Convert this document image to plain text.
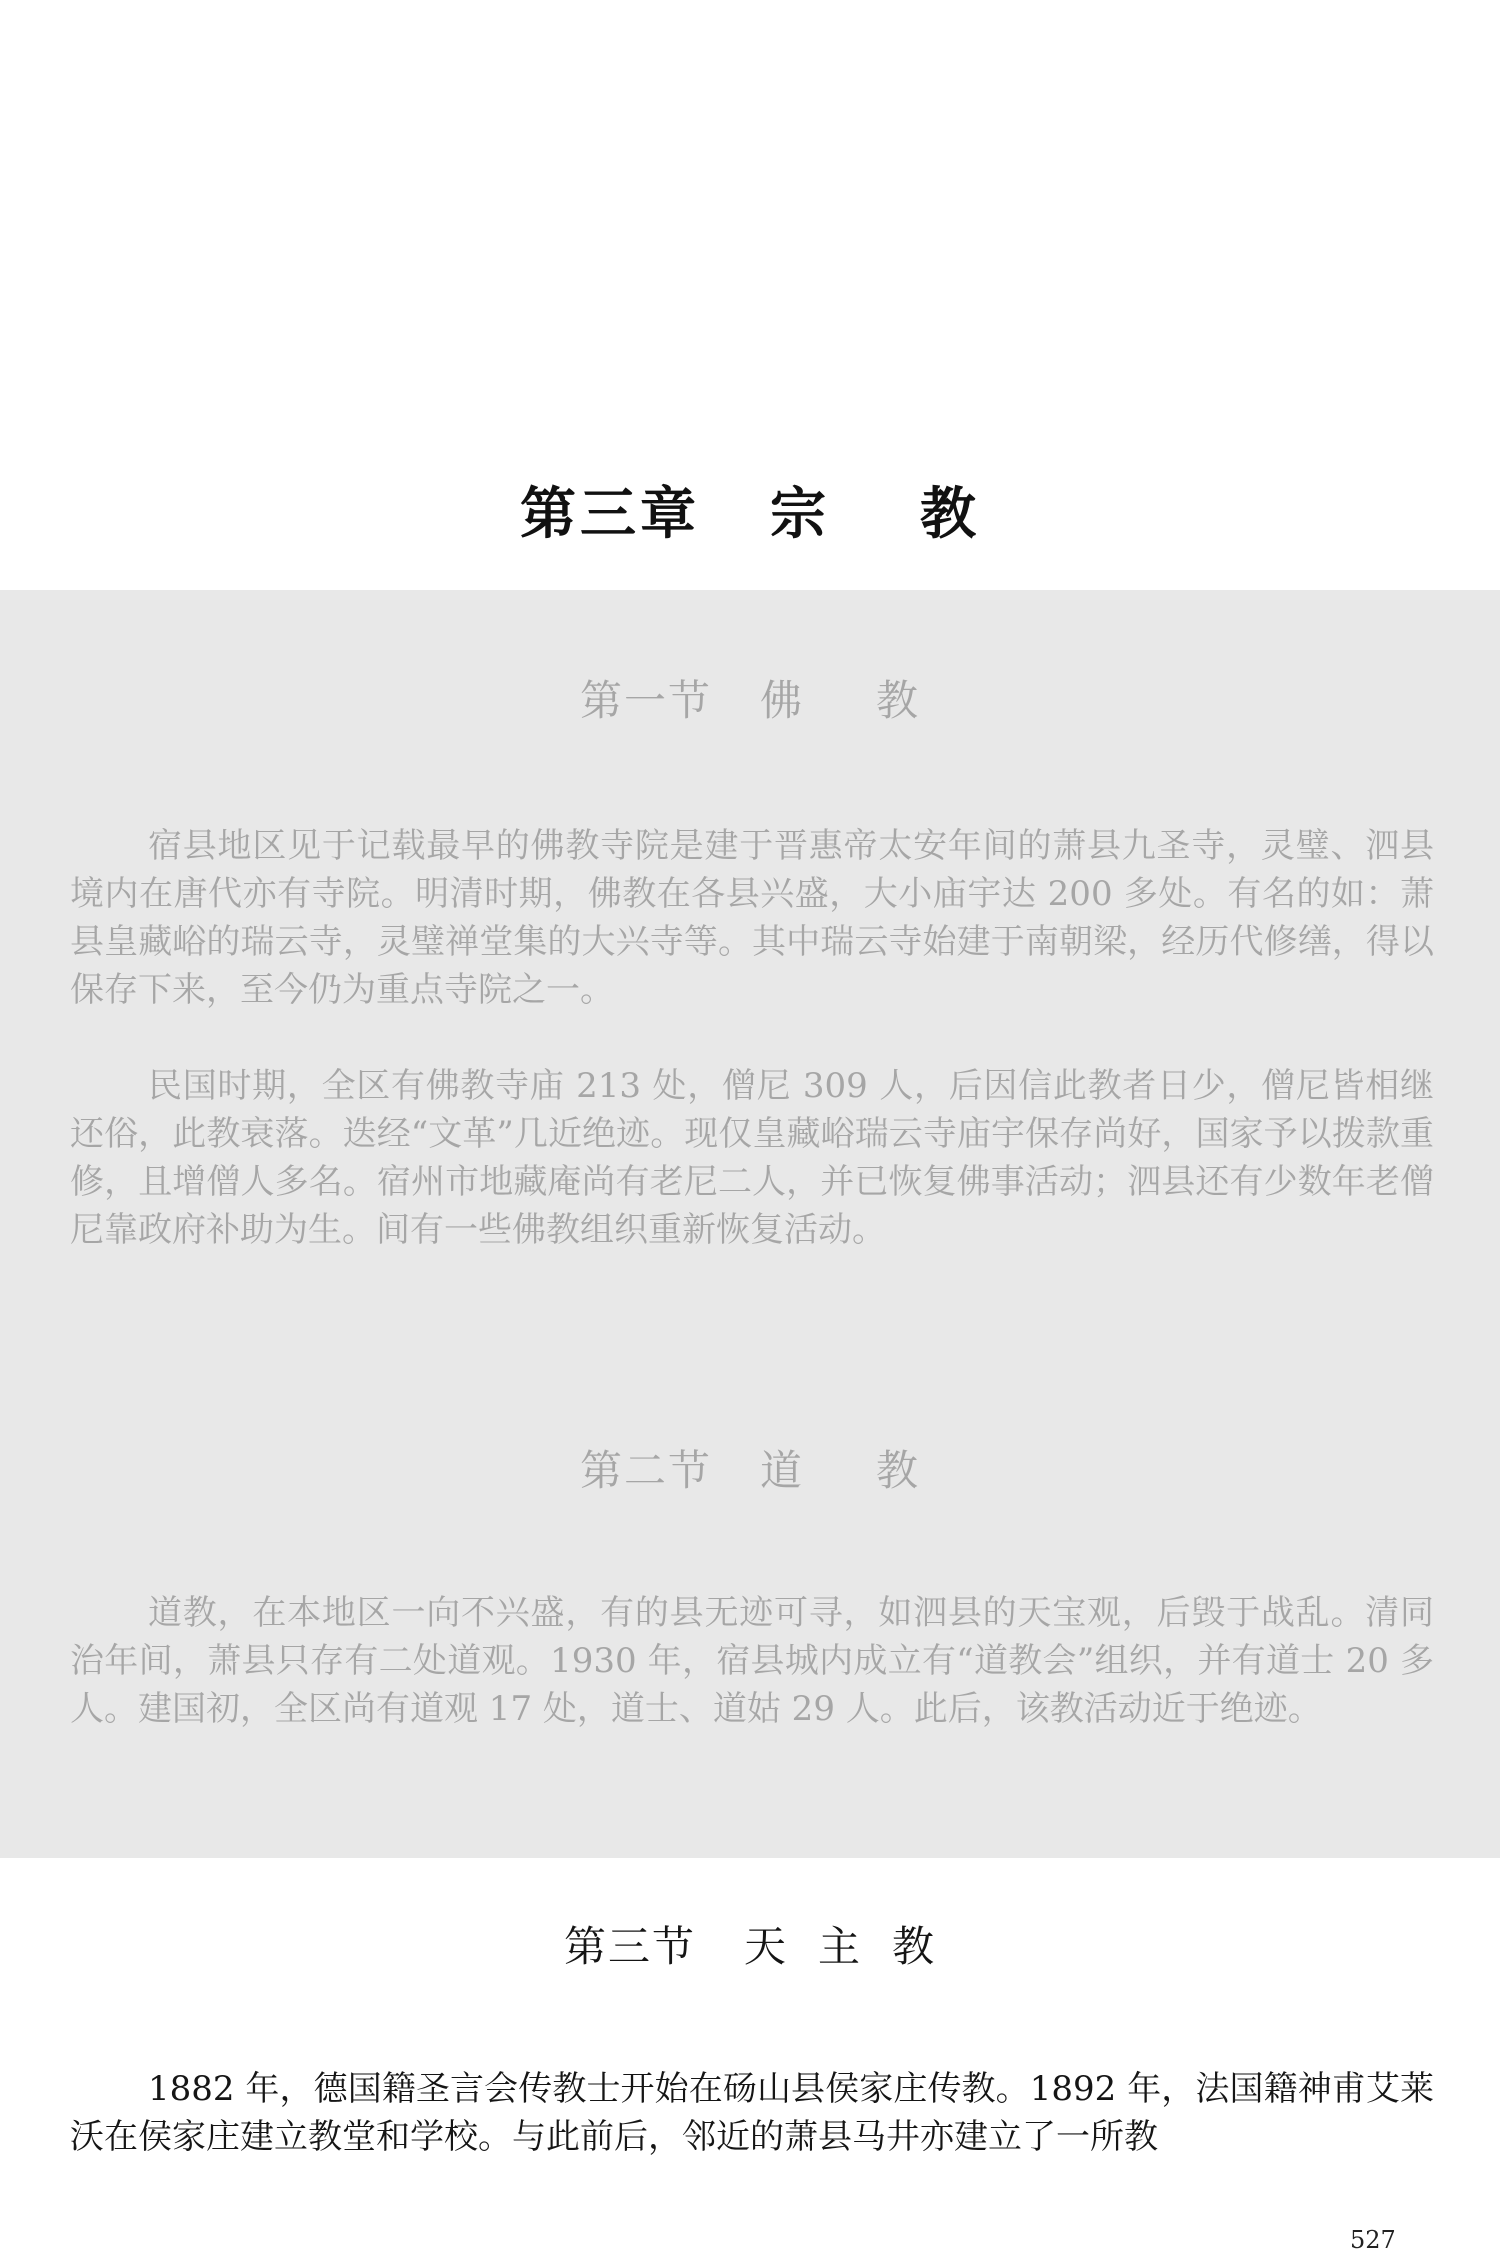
第三章 宗 教
第一节 佛 教

宿县地区见于记载最早的佛教寺院是建于晋惠帝太安年间的萧县九圣寺，灵璧、泗县境内在唐代亦有寺院。明清时期，佛教在各县兴盛，大小庙宇达 200 多处。有名的如：萧县皇藏峪的瑞云寺，灵璧禅堂集的大兴寺等。其中瑞云寺始建于南朝梁，经历代修缮，得以保存下来，至今仍为重点寺院之一。

民国时期，全区有佛教寺庙 213 处，僧尼 309 人，后因信此教者日少，僧尼皆相继还俗，此教衰落。迭经“文革”几近绝迹。现仅皇藏峪瑞云寺庙宇保存尚好，国家予以拨款重修，且增僧人多名。宿州市地藏庵尚有老尼二人，并已恢复佛事活动；泗县还有少数年老僧尼靠政府补助为生。间有一些佛教组织重新恢复活动。

第二节 道 教

道教，在本地区一向不兴盛，有的县无迹可寻，如泗县的天宝观，后毁于战乱。清同治年间，萧县只存有二处道观。1930 年，宿县城内成立有“道教会”组织，并有道士 20 多人。建国初，全区尚有道观 17 处，道士、道姑 29 人。此后，该教活动近于绝迹。

第三节 天 主 教

1882 年，德国籍圣言会传教士开始在砀山县侯家庄传教。1892 年，法国籍神甫艾莱沃在侯家庄建立教堂和学校。与此前后，邻近的萧县马井亦建立了一所教

527
